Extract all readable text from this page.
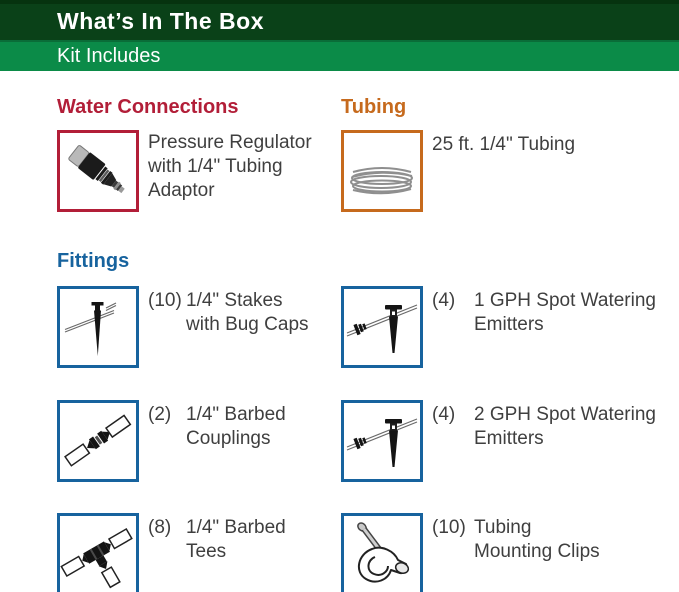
What’s In The Box
Kit Includes
Water Connections
Pressure Regulator
with 1/4" Tubing
Adaptor
Tubing
25 ft. 1/4" Tubing
Fittings
(10) 1/4" Stakes
with Bug Caps
(4) 1 GPH Spot Watering
Emitters
(2) 1/4" Barbed
Couplings
(4) 2 GPH Spot Watering
Emitters
(8) 1/4" Barbed
Tees
(10) Tubing
Mounting Clips
